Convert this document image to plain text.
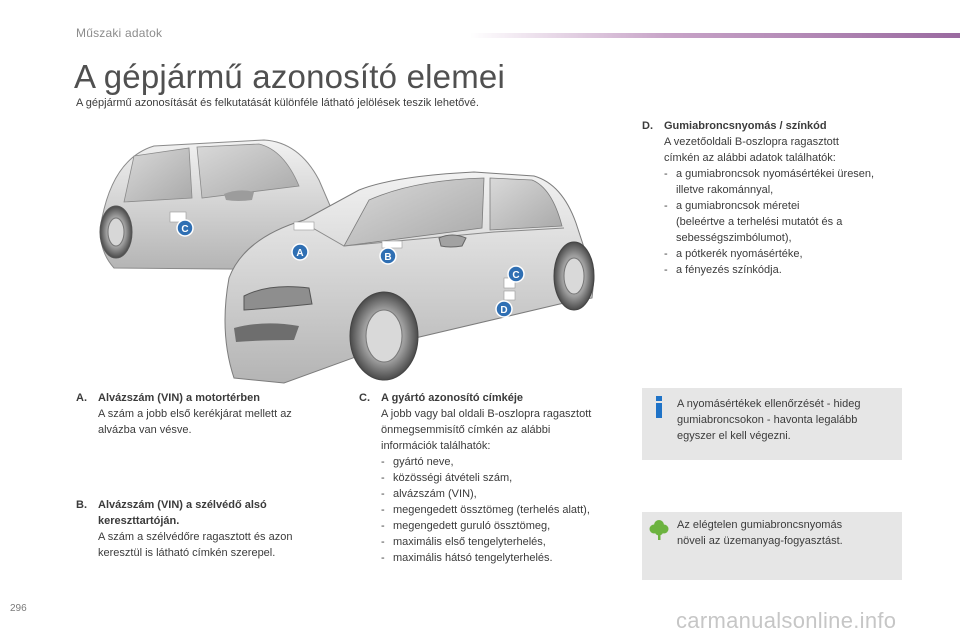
Műszaki adatok
A gépjármű azonosító elemei
A gépjármű azonosítását és felkutatását különféle látható jelölések teszik lehetővé.
A	B
C
C
D
A.	Alvázszám (VIN) a motortérben
A szám a jobb első kerékjárat mellett az
alvázba van vésve.
B.	Alvázszám (VIN) a szélvédő alsó
kereszttartóján.
A szám a szélvédőre ragasztott és azon
keresztül is látható címkén szerepel.
C.	A gyártó azonosító címkéje
A jobb vagy bal oldali B-oszlopra ragasztott
önmegsemmisítő címkén az alábbi
információk találhatók:
- gyártó neve,
- közösségi átvételi szám,
- alvázszám (VIN),
- megengedett össztömeg (terhelés alatt),
- megengedett guruló össztömeg,
- maximális első tengelyterhelés,
- maximális hátsó tengelyterhelés.
D.	Gumiabroncsnyomás / színkód
A vezetőoldali B-oszlopra ragasztott
címkén az alábbi adatok találhatók:
- a gumiabroncsok nyomásértékei üresen,
illetve rakománnyal,
- a gumiabroncsok méretei
(beleértve a terhelési mutatót és a
sebességszimbólumot),
- a pótkerék nyomásértéke,
- a fényezés színkódja.
A nyomásértékek ellenőrzését - hideg
gumiabroncsokon - havonta legalább
egyszer el kell végezni.
Az elégtelen gumiabroncsnyomás
növeli az üzemanyag-fogyasztást.
296	carmanualsonline.info
